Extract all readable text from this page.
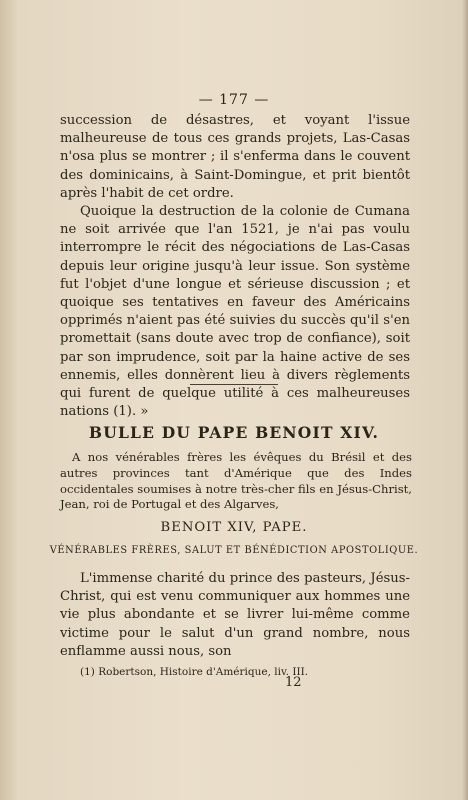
— 177 —

succession de désastres, et voyant l'issue malheureuse de tous ces grands projets, Las-Casas n'osa plus se montrer ; il s'enferma dans le couvent des dominicains, à Saint-Domingue, et prit bientôt après l'habit de cet ordre.

Quoique la destruction de la colonie de Cumana ne soit arrivée que l'an 1521, je n'ai pas voulu interrompre le récit des négociations de Las-Casas depuis leur origine jusqu'à leur issue. Son système fut l'objet d'une longue et sérieuse discussion ; et quoique ses tentatives en faveur des Américains opprimés n'aient pas été suivies du succès qu'il s'en promettait (sans doute avec trop de confiance), soit par son imprudence, soit par la haine active de ses ennemis, elles donnèrent lieu à divers règlements qui furent de quelque utilité à ces malheureuses nations (1). »

BULLE DU PAPE BENOIT XIV.

A nos vénérables frères les évêques du Brésil et des autres provinces tant d'Amérique que des Indes occidentales soumises à notre très-cher fils en Jésus-Christ, Jean, roi de Portugal et des Algarves,

BENOIT XIV, PAPE.
VÉNÉRABLES FRÈRES, SALUT ET BÉNÉDICTION APOSTOLIQUE.

L'immense charité du prince des pasteurs, Jésus-Christ, qui est venu communiquer aux hommes une vie plus abondante et se livrer lui-même comme victime pour le salut d'un grand nombre, nous enflamme aussi nous, son

(1) Robertson, Histoire d'Amérique, liv. III.
12
